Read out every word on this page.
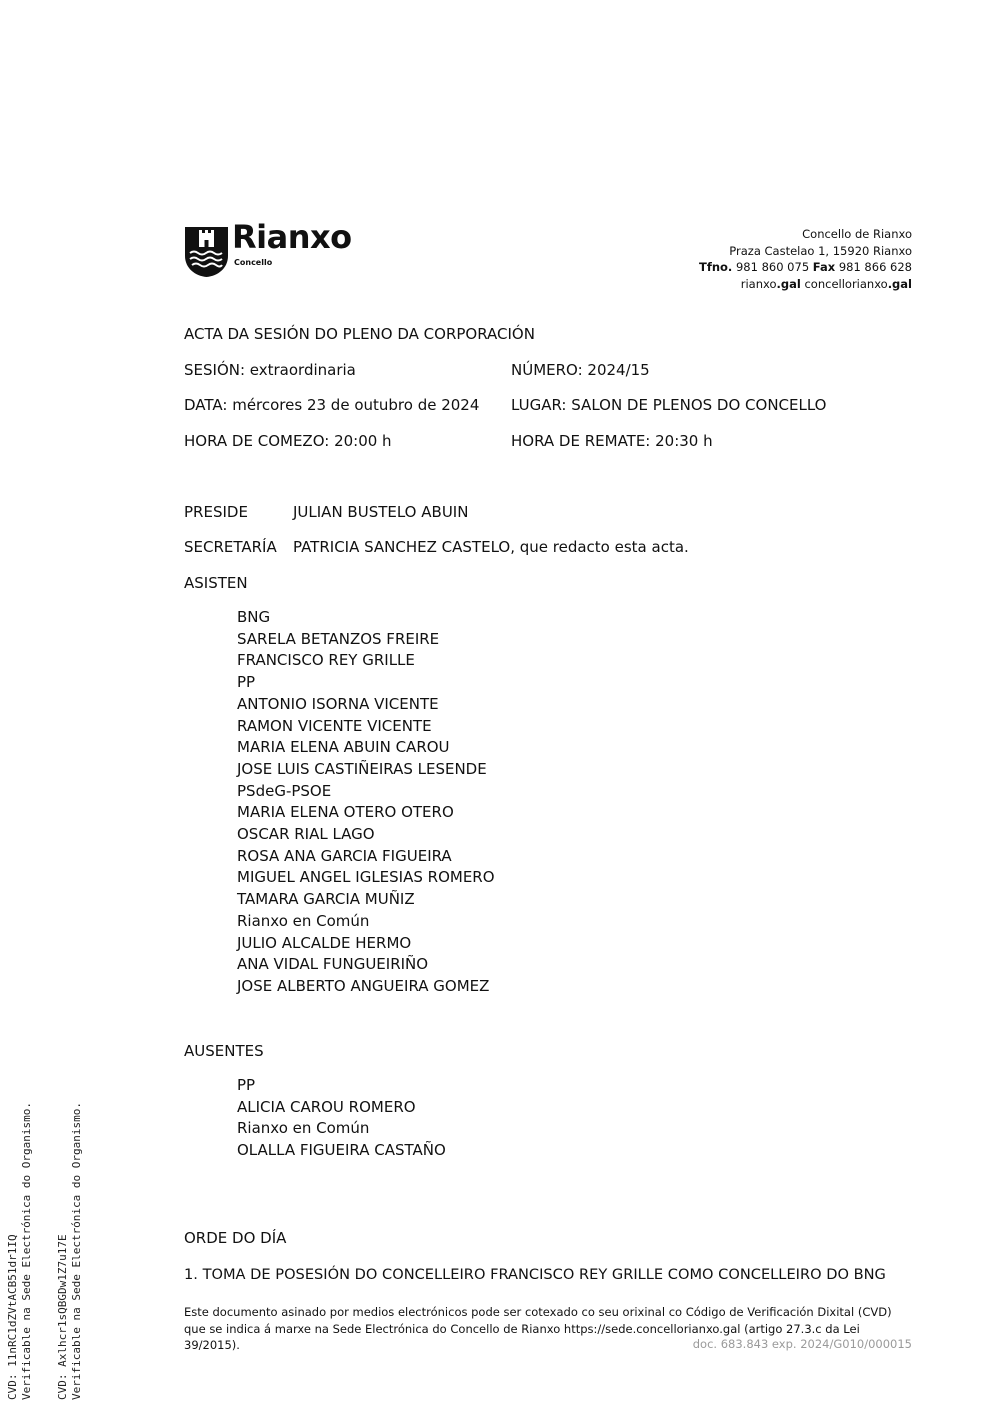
Rianxo
Concello
Concello de Rianxo
Praza Castelao 1, 15920 Rianxo
Tfno. 981 860 075 Fax 981 866 628
rianxo.gal concellorianxo.gal
ACTA DA SESIÓN DO PLENO DA CORPORACIÓN
SESIÓN: extraordinaria	NÚMERO: 2024/15
DATA: mércores 23 de outubro de 2024 LUGAR: SALON DE PLENOS DO CONCELLO
HORA DE COMEZO: 20:00 h	HORA DE REMATE: 20:30 h
PRESIDE	JULIAN BUSTELO ABUIN
SECRETARÍA PATRICIA SANCHEZ CASTELO, que redacto esta acta.
ASISTEN
BNG
SARELA BETANZOS FREIRE
FRANCISCO REY GRILLE
PP
ANTONIO ISORNA VICENTE
RAMON VICENTE VICENTE
MARIA ELENA ABUIN CAROU
JOSE LUIS CASTIÑEIRAS LESENDE
PSdeG-PSOE
MARIA ELENA OTERO OTERO
OSCAR RIAL LAGO
ROSA ANA GARCIA FIGUEIRA
MIGUEL ANGEL IGLESIAS ROMERO
TAMARA GARCIA MUÑIZ
Rianxo en Común
JULIO ALCALDE HERMO
ANA VIDAL FUNGUEIRIÑO
JOSE ALBERTO ANGUEIRA GOMEZ
AUSENTES
PP
ALICIA CAROU ROMERO
Rianxo en Común
OLALLA FIGUEIRA CASTAÑO
ORDE DO DÍA
1. TOMA DE POSESIÓN DO CONCELLEIRO FRANCISCO REY GRILLE COMO CONCELLEIRO DO BNG
Este documento asinado por medios electrónicos pode ser cotexado co seu orixinal co Código de Verificación Dixital (CVD) que se indica á marxe na Sede Electrónica do Concello de Rianxo https://sede.concellorianxo.gal (artigo 27.3.c da Lei 39/2015).	doc. 683.843 exp. 2024/G010/000015
CVD: 11nRC1dZVtACB51dr1IQ Verificable na Sede Electrónica do Organismo. CVD: Axlhcr1sQBGDw1Z7u17E Verificable na Sede Electrónica do Organismo.
